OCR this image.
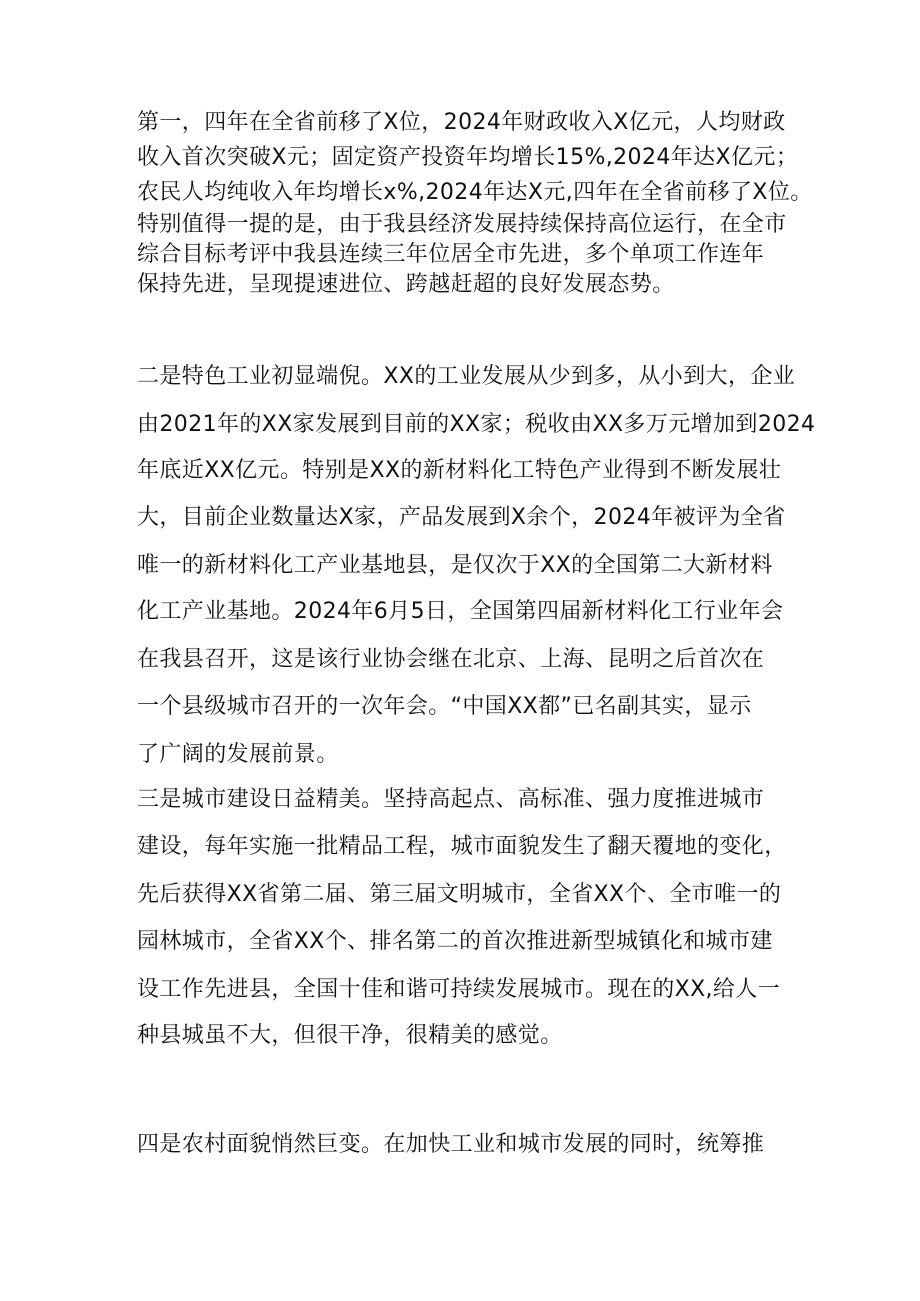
第一，四年在全省前移了X位，2024年财政收入X亿元，人均财政
收入首次突破X元；固定资产投资年均增长15%,2024年达X亿元；
农民人均纯收入年均增长x%,2024年达X元,四年在全省前移了X位。
特别值得一提的是，由于我县经济发展持续保持高位运行，在全市
综合目标考评中我县连续三年位居全市先进，多个单项工作连年
保持先进，呈现提速进位、跨越赶超的良好发展态势。
二是特色工业初显端倪。XX的工业发展从少到多，从小到大，企业
由2021年的XX家发展到目前的XX家；税收由XX多万元增加到2024
年底近XX亿元。特别是XX的新材料化工特色产业得到不断发展壮
大，目前企业数量达X家，产品发展到X余个，2024年被评为全省
唯一的新材料化工产业基地县，是仅次于XX的全国第二大新材料
化工产业基地。2024年6月5日，全国第四届新材料化工行业年会
在我县召开，这是该行业协会继在北京、上海、昆明之后首次在
一个县级城市召开的一次年会。“中国XX都”已名副其实，显示
了广阔的发展前景。
三是城市建设日益精美。坚持高起点、高标准、强力度推进城市
建设，每年实施一批精品工程，城市面貌发生了翻天覆地的变化，
先后获得XX省第二届、第三届文明城市，全省XX个、全市唯一的
园林城市，全省XX个、排名第二的首次推进新型城镇化和城市建
设工作先进县，全国十佳和谐可持续发展城市。现在的XX,给人一
种县城虽不大，但很干净，很精美的感觉。
四是农村面貌悄然巨变。在加快工业和城市发展的同时，统筹推
